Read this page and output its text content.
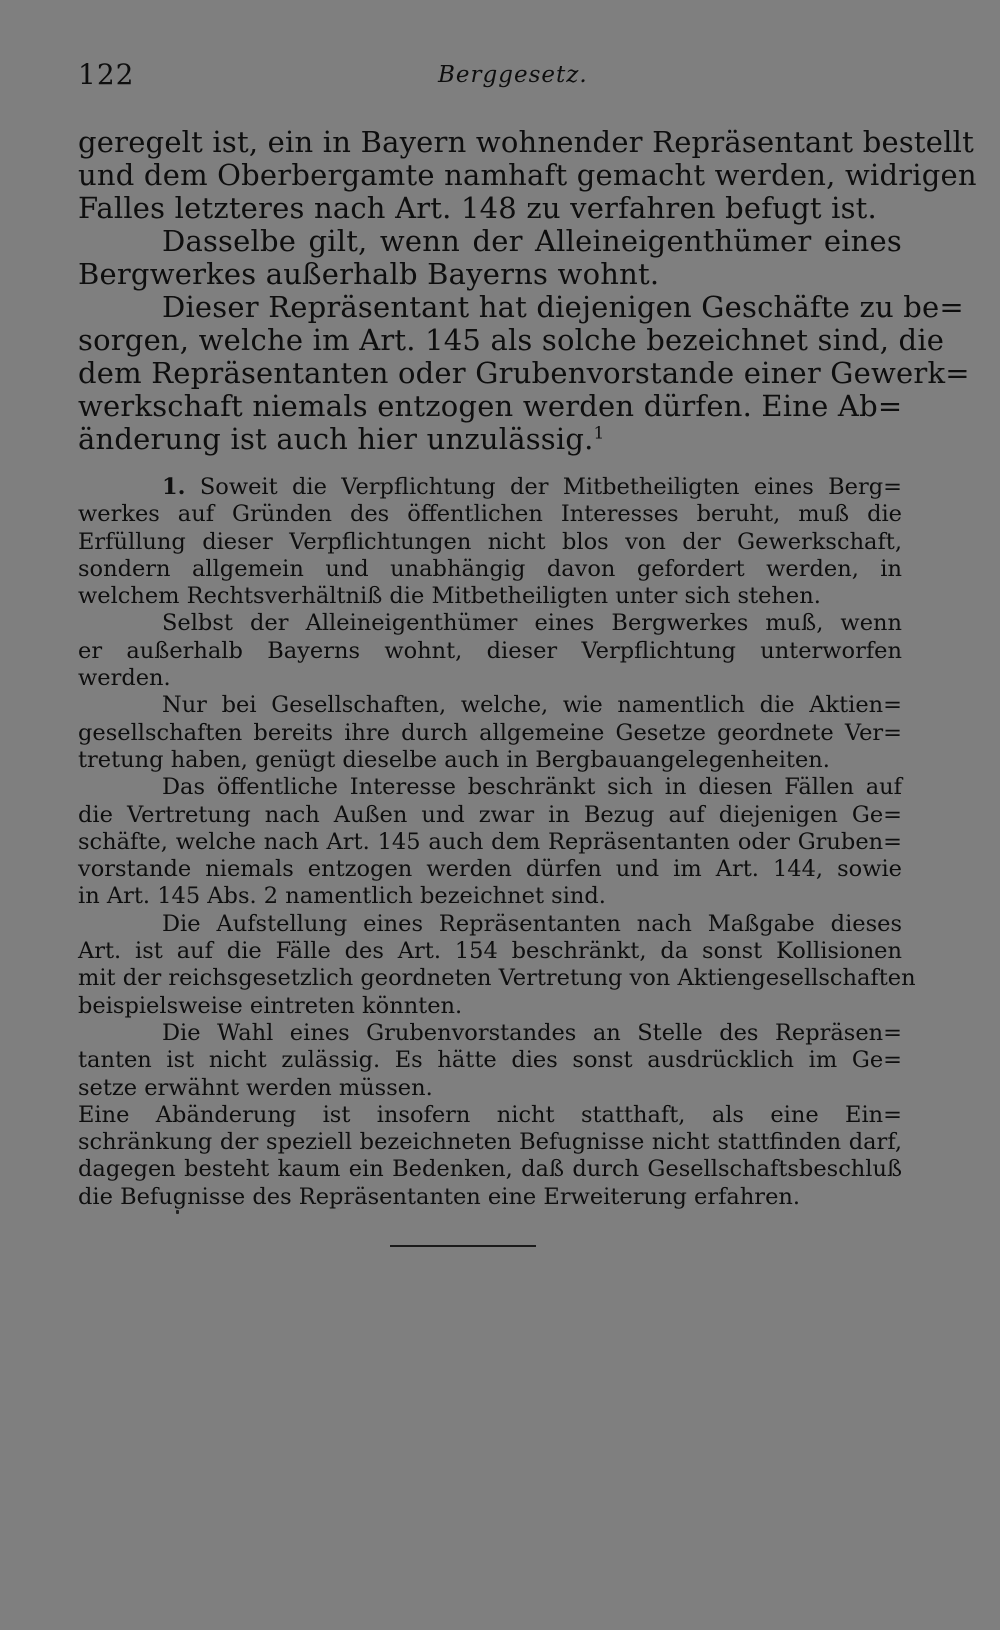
122	Berggesetz.
geregelt ist, ein in Bayern wohnender Repräsentant bestellt
und dem Oberbergamte namhaft gemacht werden, widrigen
Falles letzteres nach Art. 148 zu verfahren befugt ist.
Dasselbe gilt, wenn der Alleineigenthümer eines
Bergwerkes außerhalb Bayerns wohnt.
Dieser Repräsentant hat diejenigen Geschäfte zu be=
sorgen, welche im Art. 145 als solche bezeichnet sind, die
dem Repräsentanten oder Grubenvorstande einer Gewerk=
werkschaft niemals entzogen werden dürfen. Eine Ab=
änderung ist auch hier unzulässig.$^1$
1. Soweit die Verpflichtung der Mitbetheiligten eines Berg=
werkes auf Gründen des öffentlichen Interesses beruht, muß die
Erfüllung dieser Verpflichtungen nicht blos von der Gewerkschaft,
sondern allgemein und unabhängig davon gefordert werden, in
welchem Rechtsverhältniß die Mitbetheiligten unter sich stehen.
Selbst der Alleineigenthümer eines Bergwerkes muß, wenn
er außerhalb Bayerns wohnt, dieser Verpflichtung unterworfen
werden.
Nur bei Gesellschaften, welche, wie namentlich die Aktien=
gesellschaften bereits ihre durch allgemeine Gesetze geordnete Ver=
tretung haben, genügt dieselbe auch in Bergbauangelegenheiten.
Das öffentliche Interesse beschränkt sich in diesen Fällen auf
die Vertretung nach Außen und zwar in Bezug auf diejenigen Ge=
schäfte, welche nach Art. 145 auch dem Repräsentanten oder Gruben=
vorstande niemals entzogen werden dürfen und im Art. 144, sowie
in Art. 145 Abs. 2 namentlich bezeichnet sind.
Die Aufstellung eines Repräsentanten nach Maßgabe dieses
Art. ist auf die Fälle des Art. 154 beschränkt, da sonst Kollisionen
mit der reichsgesetzlich geordneten Vertretung von Aktiengesellschaften
beispielsweise eintreten könnten.
Die Wahl eines Grubenvorstandes an Stelle des Repräsen=
tanten ist nicht zulässig. Es hätte dies sonst ausdrücklich im Ge=
setze erwähnt werden müssen.
Eine Abänderung ist insofern nicht statthaft, als eine Ein=
schränkung der speziell bezeichneten Befugnisse nicht stattfinden darf,
dagegen besteht kaum ein Bedenken, daß durch Gesellschaftsbeschluß
die Befugnisse des Repräsentanten eine Erweiterung erfahren.
